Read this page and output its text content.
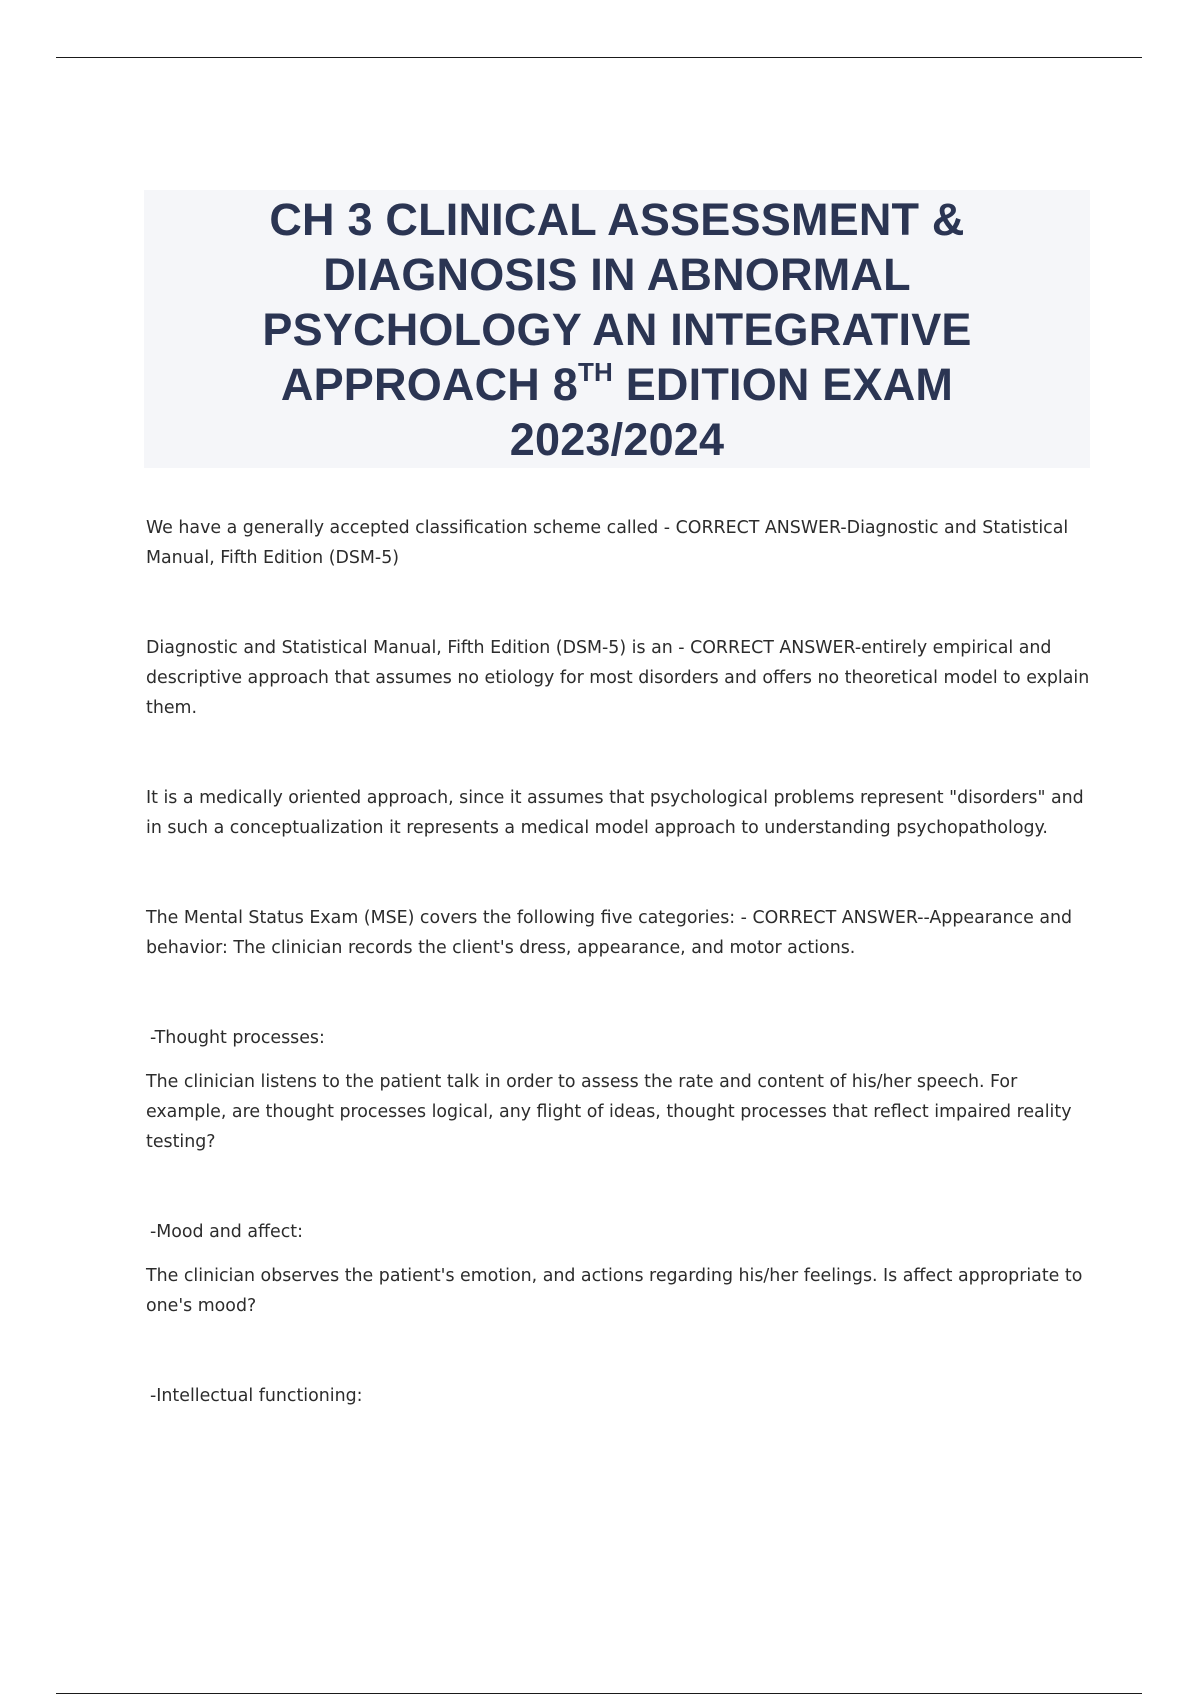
CH 3 CLINICAL ASSESSMENT &
DIAGNOSIS IN ABNORMAL
PSYCHOLOGY AN INTEGRATIVE
APPROACH 8TH EDITION EXAM
2023/2024

We have a generally accepted classification scheme called - CORRECT ANSWER-Diagnostic and Statistical Manual, Fifth Edition (DSM-5)

Diagnostic and Statistical Manual, Fifth Edition (DSM-5) is an - CORRECT ANSWER-entirely empirical and descriptive approach that assumes no etiology for most disorders and offers no theoretical model to explain them.

It is a medically oriented approach, since it assumes that psychological problems represent "disorders" and in such a conceptualization it represents a medical model approach to understanding psychopathology.

The Mental Status Exam (MSE) covers the following five categories: - CORRECT ANSWER--Appearance and behavior: The clinician records the client's dress, appearance, and motor actions.

-Thought processes:

The clinician listens to the patient talk in order to assess the rate and content of his/her speech. For example, are thought processes logical, any flight of ideas, thought processes that reflect impaired reality testing?

-Mood and affect:

The clinician observes the patient's emotion, and actions regarding his/her feelings. Is affect appropriate to one's mood?

-Intellectual functioning:
